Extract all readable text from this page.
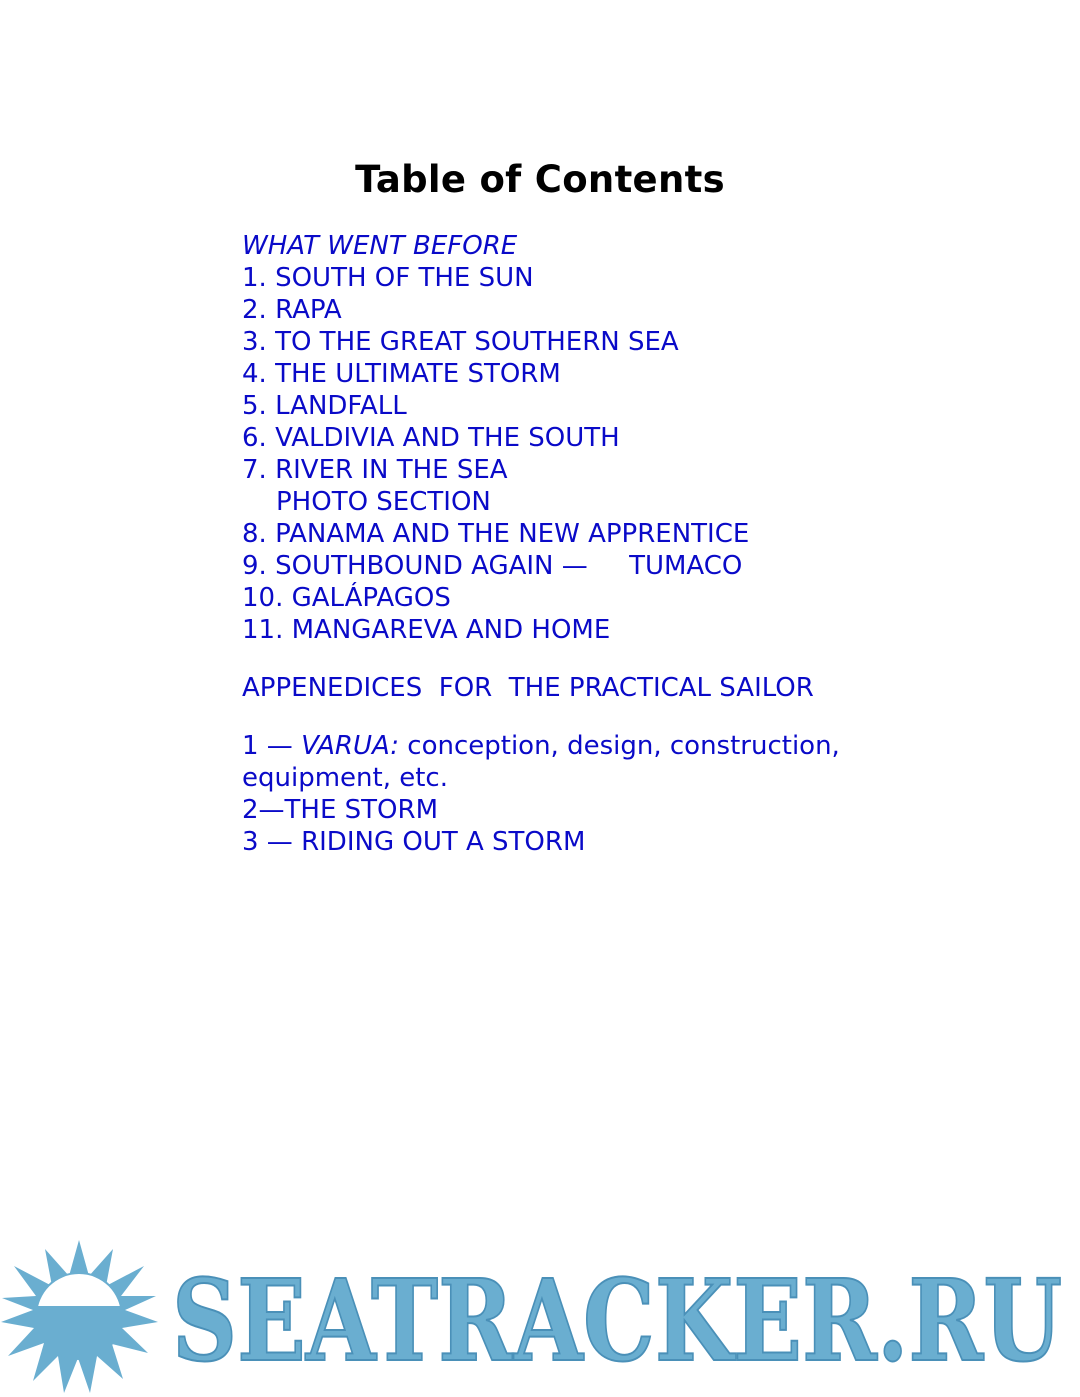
Table of Contents
WHAT WENT BEFORE
1. SOUTH OF THE SUN
2. RAPA
3. TO THE GREAT SOUTHERN SEA
4. THE ULTIMATE STORM
5. LANDFALL
6. VALDIVIA AND THE SOUTH
7. RIVER IN THE SEA
PHOTO SECTION
8. PANAMA AND THE NEW APPRENTICE
9. SOUTHBOUND AGAIN —     TUMACO
10. GALÁPAGOS
11. MANGAREVA AND HOME
APPENEDICES  FOR  THE PRACTICAL SAILOR
1 — VARUA: conception, design, construction, equipment, etc.
2—THE STORM
3 — RIDING OUT A STORM
SEATRACKER.RU
